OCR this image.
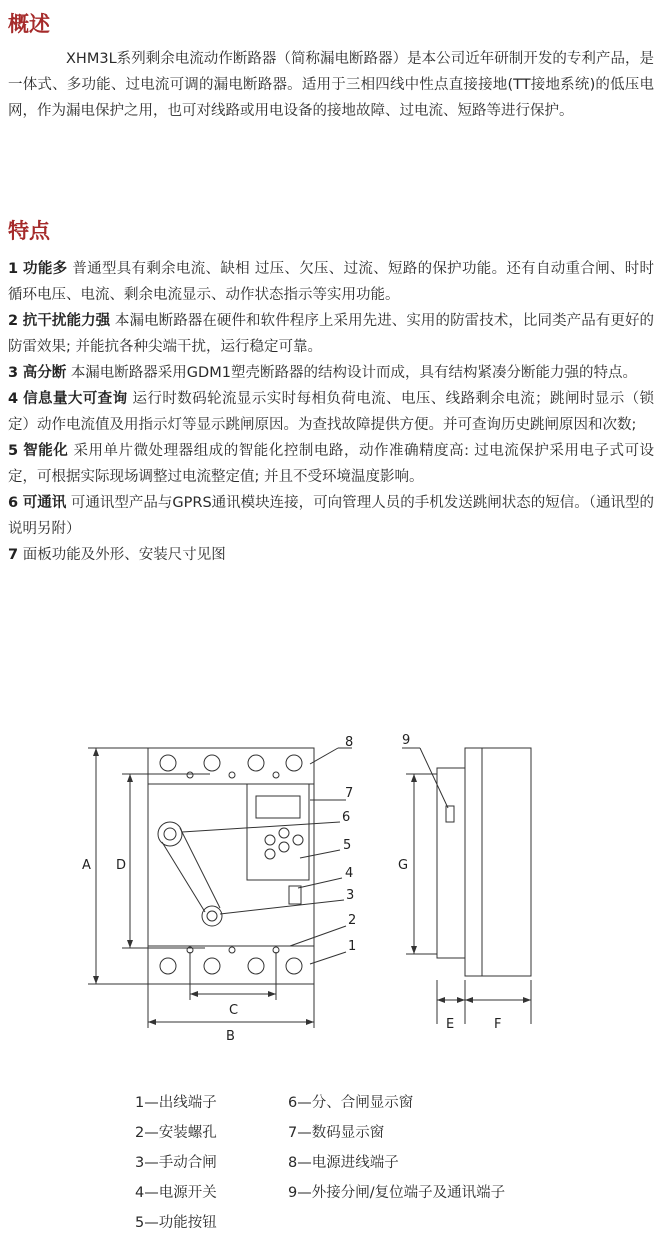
概述

XHM3L系列剩余电流动作断路器（简称漏电断路器）是本公司近年研制开发的专利产品，是一体式、多功能、过电流可调的漏电断路器。适用于三相四线中性点直接接地(TT接地系统)的低压电网，作为漏电保护之用，也可对线路或用电设备的接地故障、过电流、短路等进行保护。

特点

1 功能多 普通型具有剩余电流、缺相 过压、欠压、过流、短路的保护功能。还有自动重合闸、时时循环电压、电流、剩余电流显示、动作状态指示等实用功能。

2 抗干扰能力强 本漏电断路器在硬件和软件程序上采用先进、实用的防雷技术，比同类产品有更好的防雷效果; 并能抗各种尖端干扰，运行稳定可靠。

3 高分断 本漏电断路器采用GDM1塑壳断路器的结构设计而成，具有结构紧凑分断能力强的特点。

4 信息量大可查询 运行时数码轮流显示实时每相负荷电流、电压、线路剩余电流；跳闸时显示（锁定）动作电流值及用指示灯等显示跳闸原因。为查找故障提供方便。并可查询历史跳闸原因和次数;

5 智能化 采用单片微处理器组成的智能化控制电路，动作准确精度高: 过电流保护采用电子式可设定，可根据实际现场调整过电流整定值; 并且不受环境温度影响。

6 可通讯 可通讯型产品与GPRS通讯模块连接，可向管理人员的手机发送跳闸状态的短信。（通讯型的说明另附）

7 面板功能及外形、安装尺寸见图

A D
C
B
G
E	F
8
7
6
5
4
3
2
1
9
1—出线端子
2—安装螺孔
3—手动合闸
4—电源开关
5—功能按钮
6—分、合闸显示窗
7—数码显示窗
8—电源进线端子
9—外接分闸/复位端子及通讯端子
